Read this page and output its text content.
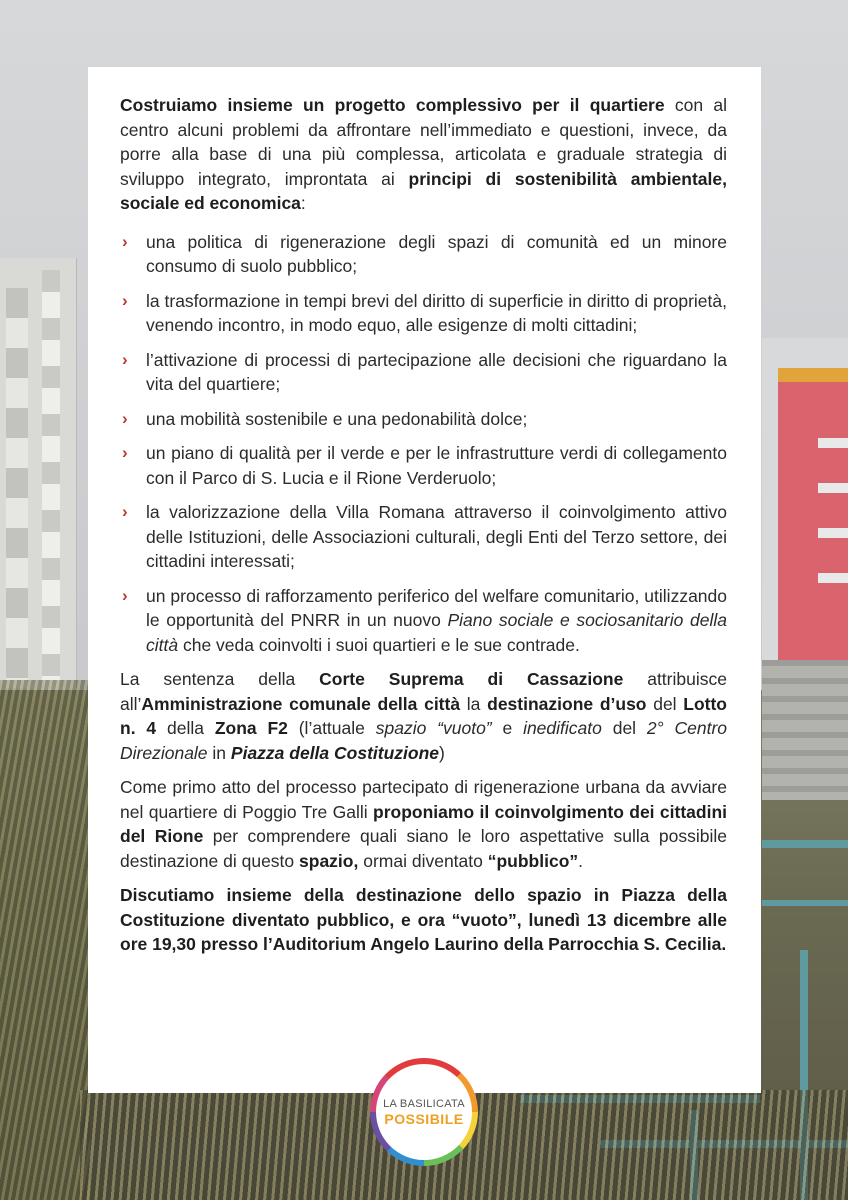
Costruiamo insieme un progetto complessivo per il quartiere con al centro alcuni problemi da affrontare nell’immediato e questioni, invece, da porre alla base di una più complessa, articolata e graduale strategia di sviluppo integrato, improntata ai principi di sostenibilità ambientale, sociale ed economica:

› una politica di rigenerazione degli spazi di comunità ed un minore consumo di suolo pubblico;
› la trasformazione in tempi brevi del diritto di superficie in diritto di proprietà, venendo incontro, in modo equo, alle esigenze di molti cittadini;
› l’attivazione di processi di partecipazione alle decisioni che riguardano la vita del quartiere;
› una mobilità sostenibile e una pedonabilità dolce;
› un piano di qualità per il verde e per le infrastrutture verdi di collegamento con il Parco di S. Lucia e il Rione Verderuolo;
› la valorizzazione della Villa Romana attraverso il coinvolgimento attivo delle Istituzioni, delle Associazioni culturali, degli Enti del Terzo settore, dei cittadini interessati;
› un processo di rafforzamento periferico del welfare comunitario, utilizzando le opportunità del PNRR in un nuovo Piano sociale e sociosanitario della città che veda coinvolti i suoi quartieri e le sue contrade.

La sentenza della Corte Suprema di Cassazione attribuisce all’Amministrazione comunale della città la destinazione d’uso del Lotto n. 4 della Zona F2 (l’attuale spazio “vuoto” e inedificato del 2° Centro Direzionale in Piazza della Costituzione)

Come primo atto del processo partecipato di rigenerazione urbana da avviare nel quartiere di Poggio Tre Galli proponiamo il coinvolgimento dei cittadini del Rione per comprendere quali siano le loro aspettative sulla possibile destinazione di questo spazio, ormai diventato “pubblico”.

Discutiamo insieme della destinazione dello spazio in Piazza della Costituzione diventato pubblico, e ora “vuoto”, lunedì 13 dicembre alle ore 19,30 presso l’Auditorium Angelo Laurino della Parrocchia S. Cecilia.

LA BASILICATA
POSSIBILE
